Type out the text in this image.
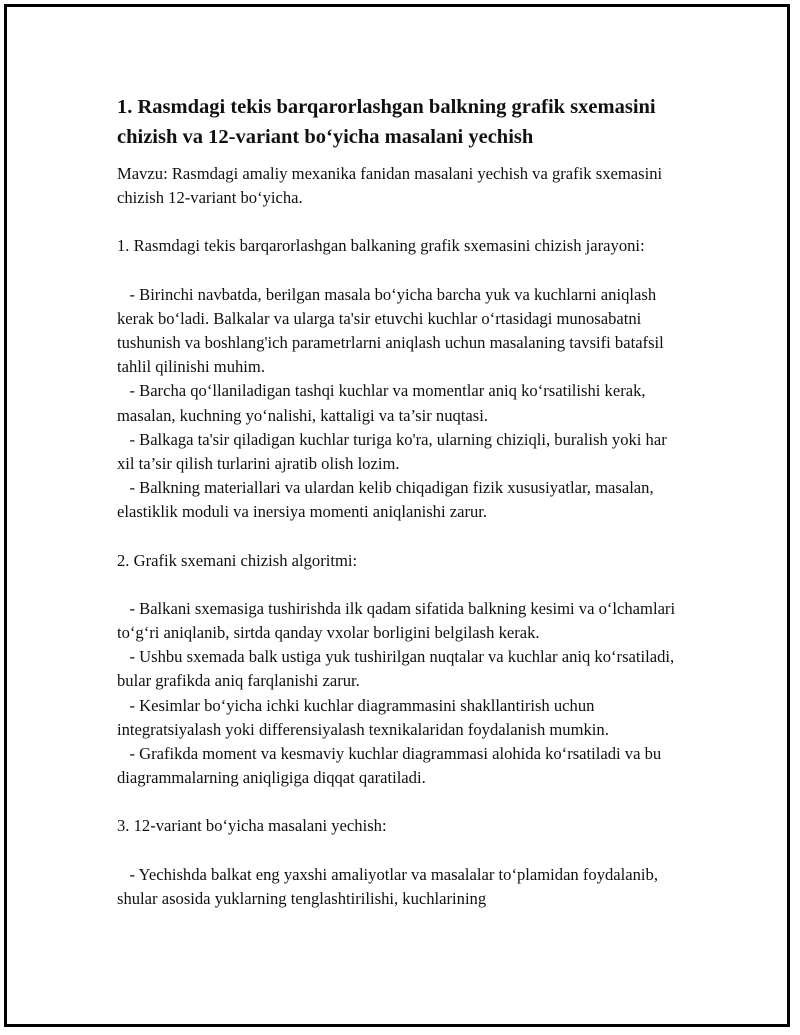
1. Rasmdagi tekis barqarorlashgan balkning grafik sxemasini chizish va 12-variant bo‘yicha masalani yechish

Mavzu: Rasmdagi amaliy mexanika fanidan masalani yechish va grafik sxemasini chizish 12-variant bo‘yicha.

1. Rasmdagi tekis barqarorlashgan balkaning grafik sxemasini chizish jarayoni:

- Birinchi navbatda, berilgan masala bo‘yicha barcha yuk va kuchlarni aniqlash kerak bo‘ladi. Balkalar va ularga ta'sir etuvchi kuchlar o‘rtasidagi munosabatni tushunish va boshlang'ich parametrlarni aniqlash uchun masalaning tavsifi batafsil tahlil qilinishi muhim.

- Barcha qo‘llaniladigan tashqi kuchlar va momentlar aniq ko‘rsatilishi kerak, masalan, kuchning yo‘nalishi, kattaligi va ta’sir nuqtasi.

- Balkaga ta'sir qiladigan kuchlar turiga ko'ra, ularning chiziqli, buralish yoki har xil ta’sir qilish turlarini ajratib olish lozim.

- Balkning materiallari va ulardan kelib chiqadigan fizik xususiyatlar, masalan, elastiklik moduli va inersiya momenti aniqlanishi zarur.

2. Grafik sxemani chizish algoritmi:

- Balkani sxemasiga tushirishda ilk qadam sifatida balkning kesimi va o‘lchamlari to‘g‘ri aniqlanib, sirtda qanday vxolar borligini belgilash kerak.

- Ushbu sxemada balk ustiga yuk tushirilgan nuqtalar va kuchlar aniq ko‘rsatiladi, bular grafikda aniq farqlanishi zarur.

- Kesimlar bo‘yicha ichki kuchlar diagrammasini shakllantirish uchun integratsiyalash yoki differensiyalash texnikalaridan foydalanish mumkin.

- Grafikda moment va kesmaviy kuchlar diagrammasi alohida ko‘rsatiladi va bu diagrammalarning aniqligiga diqqat qaratiladi.

3. 12-variant bo‘yicha masalani yechish:

- Yechishda balkat eng yaxshi amaliyotlar va masalalar to‘plamidan foydalanib, shular asosida yuklarning tenglashtirilishi, kuchlarining
